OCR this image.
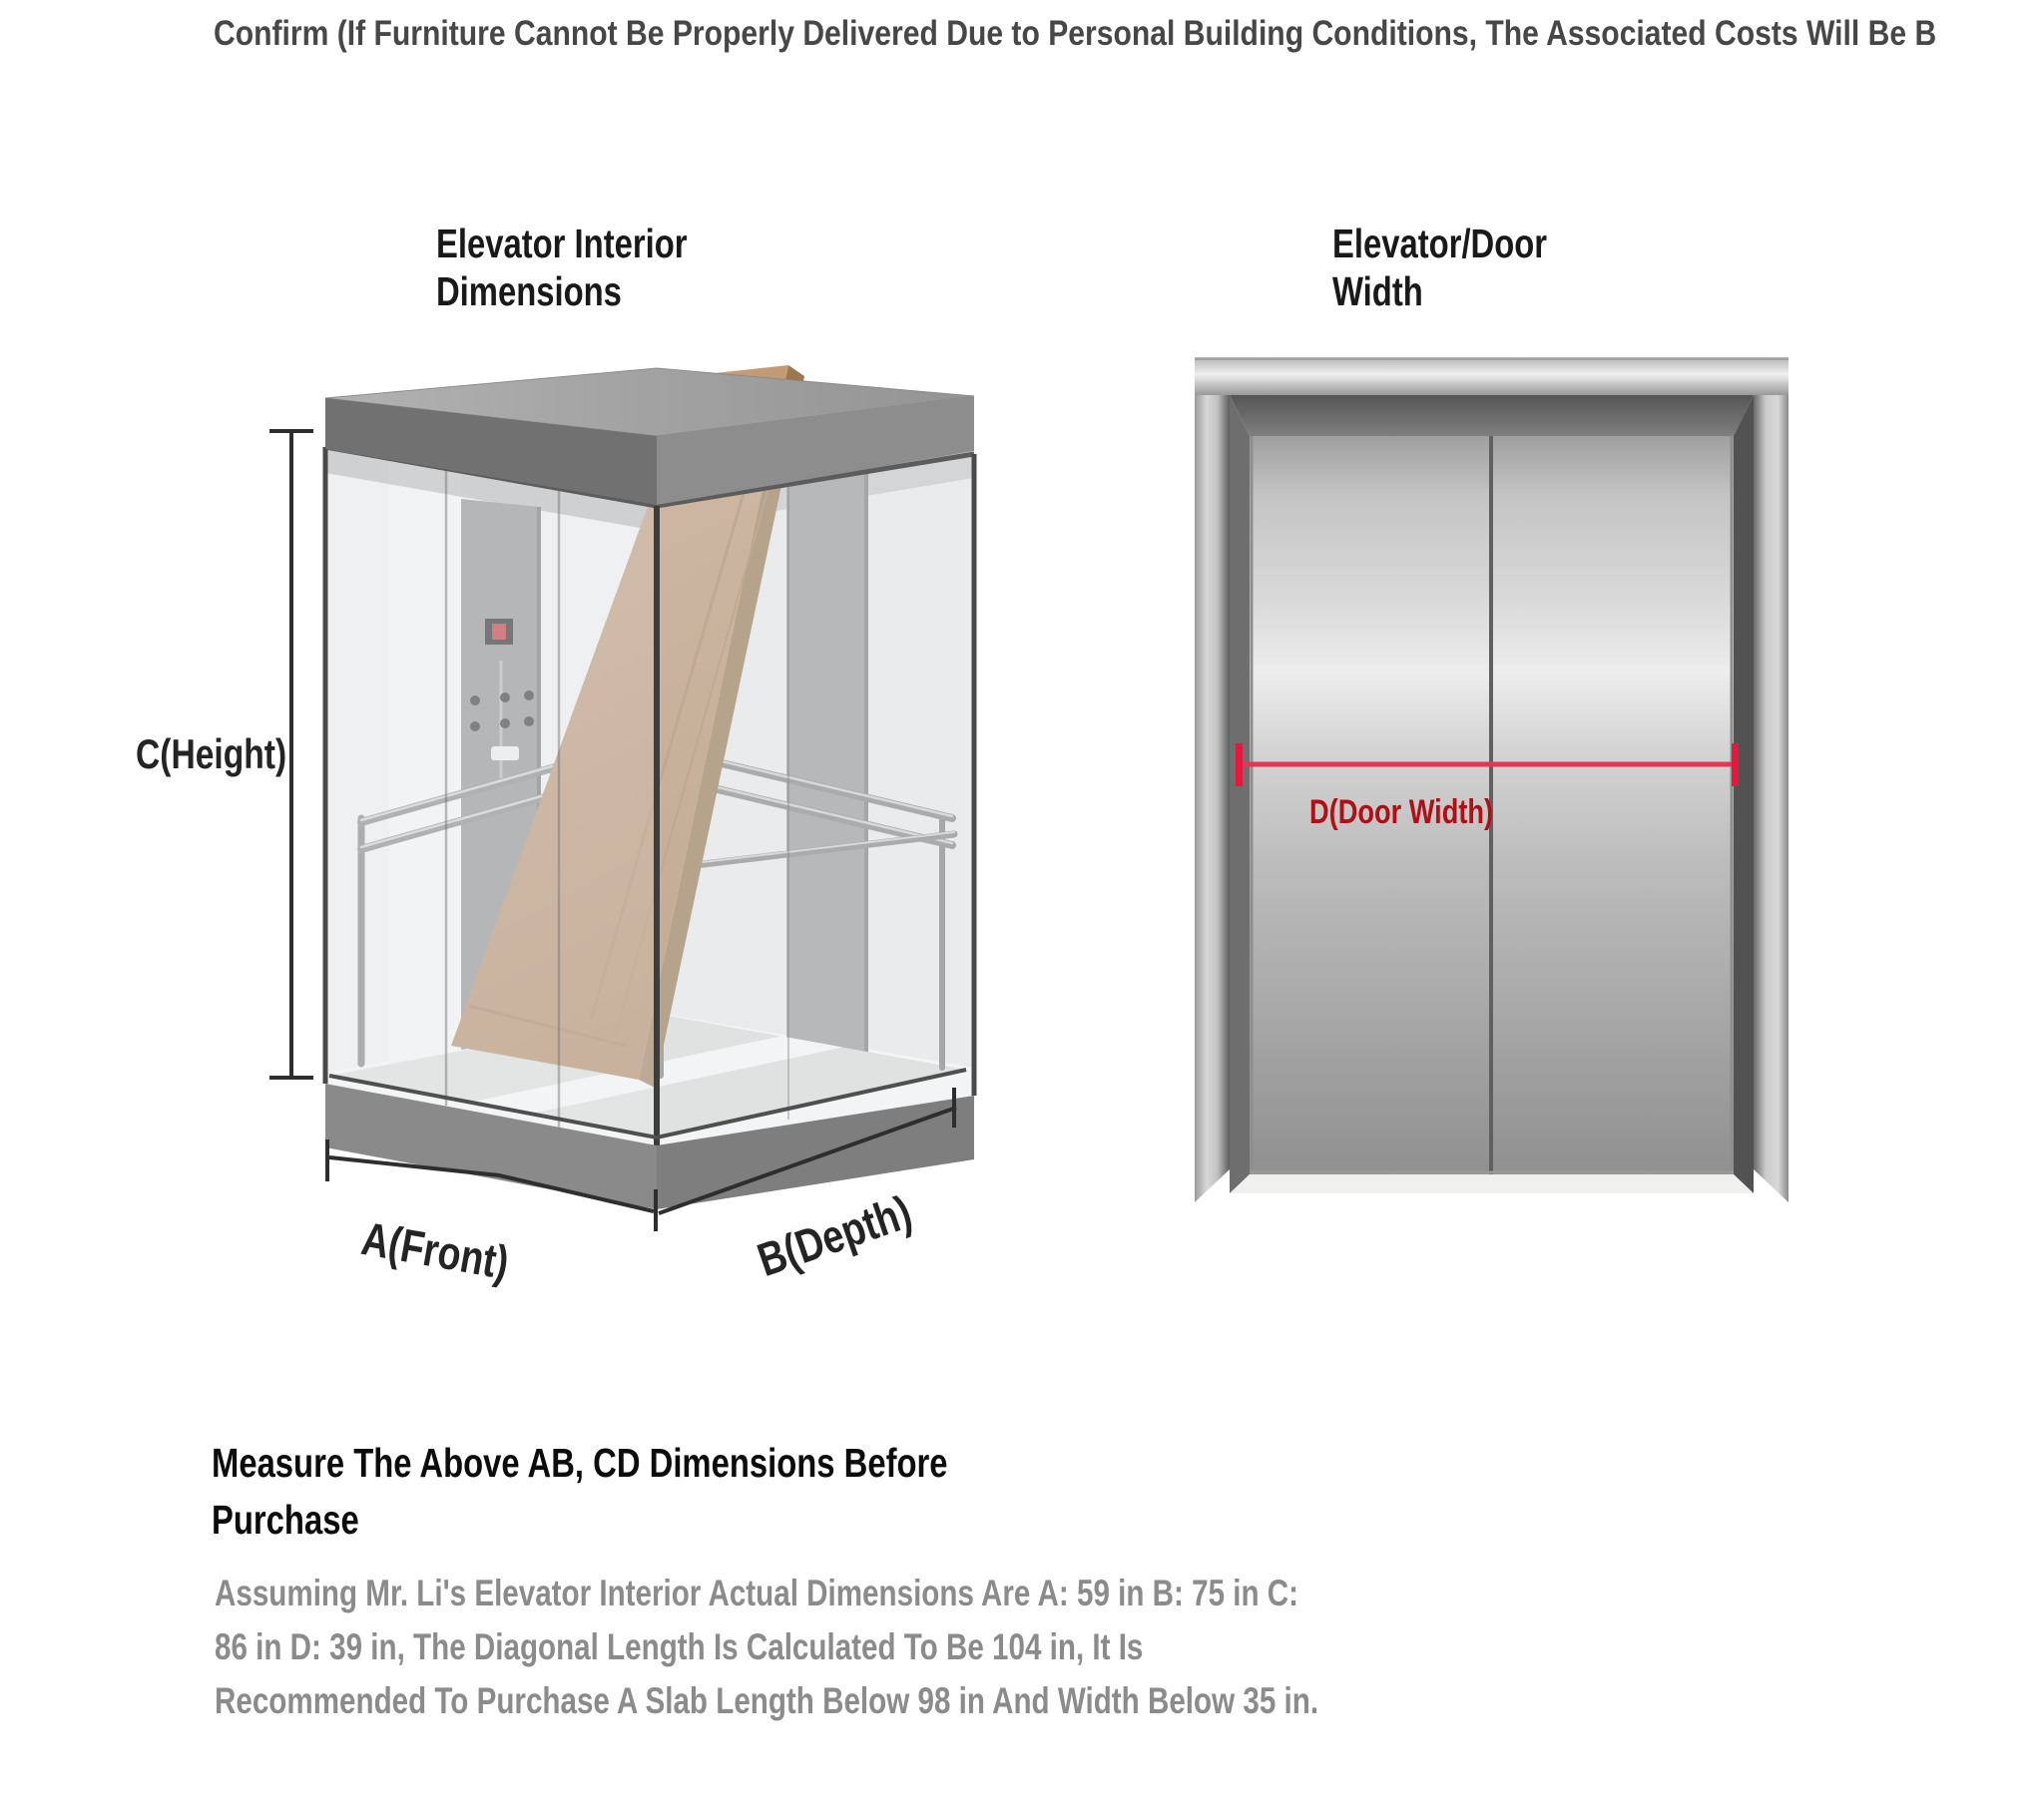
Confirm (If Furniture Cannot Be Properly Delivered Due to Personal Building Conditions, The Associated Costs Will Be B
Elevator Interior
Dimensions
Elevator/Door
Width
C(Height)
A(Front)	B(Depth)
D(Door Width)
Measure The Above AB, CD Dimensions Before
Purchase
Assuming Mr. Li's Elevator Interior Actual Dimensions Are A: 59 in B: 75 in C:
86 in D: 39 in, The Diagonal Length Is Calculated To Be 104 in, It Is
Recommended To Purchase A Slab Length Below 98 in And Width Below 35 in.
